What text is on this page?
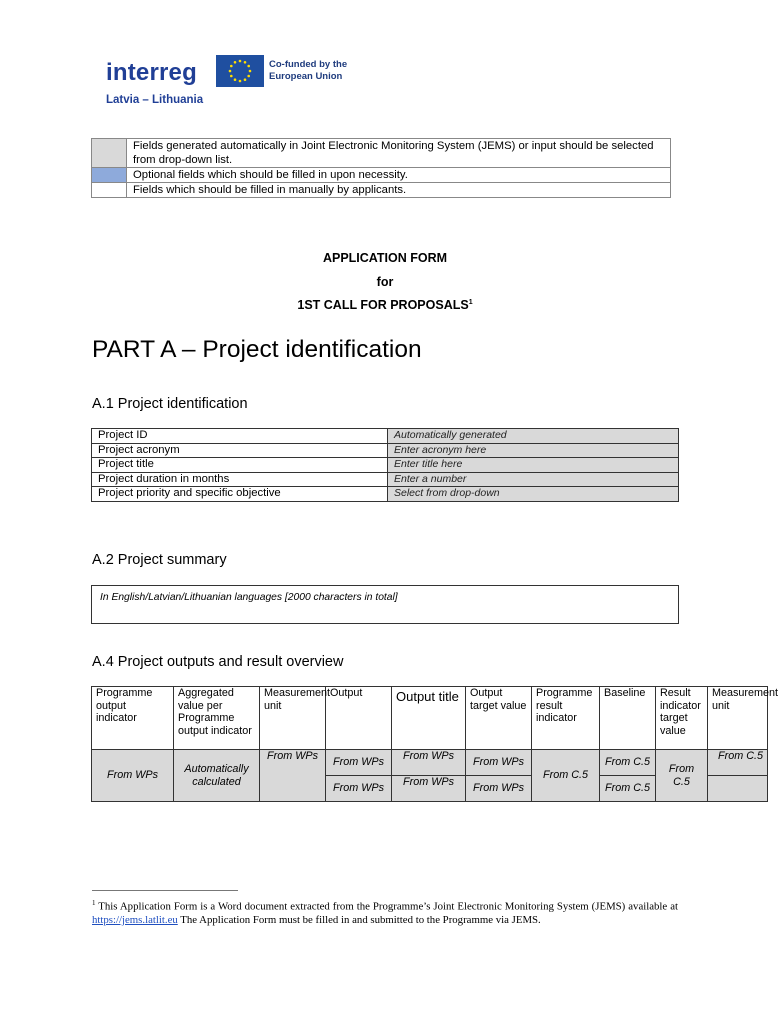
interreg	Co-funded by the European Union
Latvia – Lithuania
	Fields generated automatically in Joint Electronic Monitoring System (JEMS) or input should be selected from drop-down list.
	Optional fields which should be filled in upon necessity.
	Fields which should be filled in manually by applicants.
APPLICATION FORM
for
1ST CALL FOR PROPOSALS$^1$
PART A – Project identification
A.1 Project identification
Project ID	Automatically generated
Project acronym	Enter acronym here
Project title	Enter title here
Project duration in months	Enter a number
Project priority and specific objective	Select from drop-down
A.2 Project summary
In English/Latvian/Lithuanian languages [2000 characters in total]
A.4 Project outputs and result overview
Programme output indicator	Aggregated value per Programme output indicator	Measurement unit	Output	Output title	Output target value	Programme result indicator	Baseline	Result indicator target value	Measurement unit
From WPs	Automatically calculated	From WPs	From WPs	From WPs	From WPs	From C.5	From C.5	From C.5	From C.5
			From WPs	From WPs	From WPs		From C.5		
$^1$ This Application Form is a Word document extracted from the Programme’s Joint Electronic Monitoring System (JEMS) available at https://jems.latlit.eu The Application Form must be filled in and submitted to the Programme via JEMS.
